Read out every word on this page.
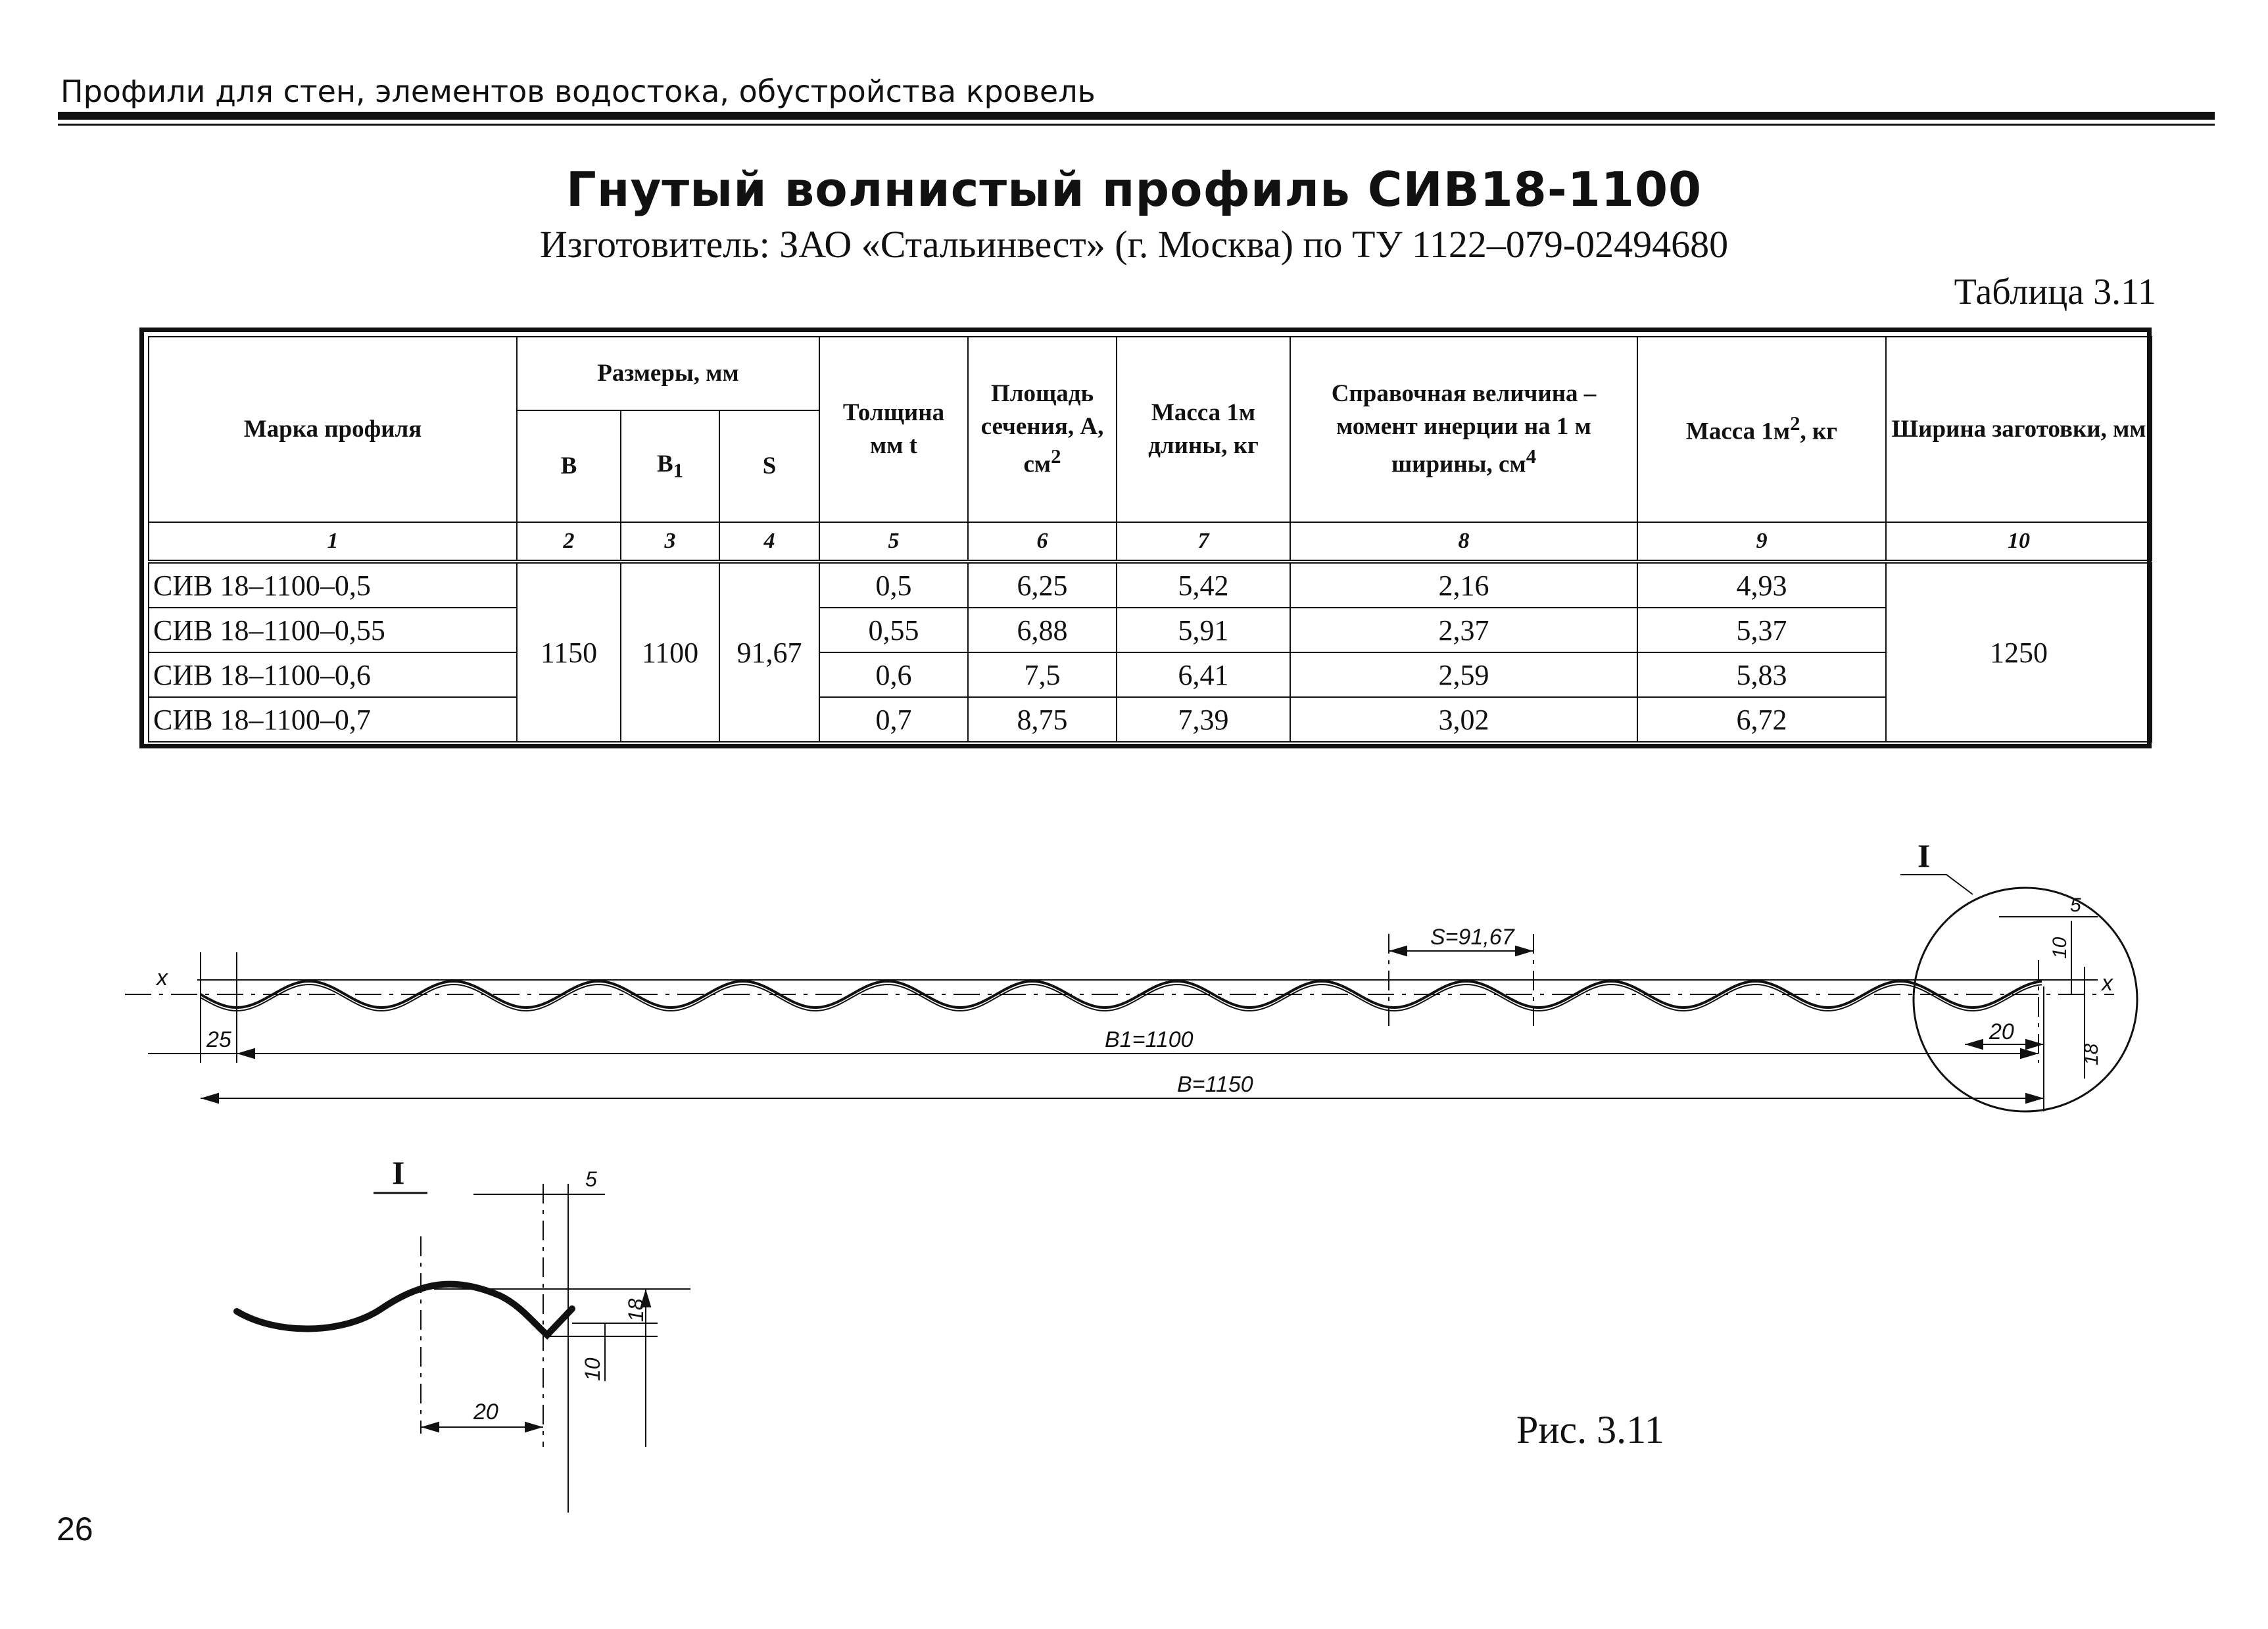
Профили для стен, элементов водостока, обустройства кровель
Гнутый волнистый профиль СИВ18-1100
Изготовитель: ЗАО «Стальинвест» (г. Москва) по ТУ 1122–079-02494680
Таблица 3.11
Марка профиля	Размеры, мм			Толщина мм t	Площадь сечения, А, $см^2$	Масса 1м длины, кг	Справочная величина – момент инерции на 1 м ширины, $см^4$	Масса $1м^2$, кг	Ширина заготовки, мм
	B	$B_1$	S						
1	2	3	4	5	6	7	8	9	10
СИВ 18–1100–0,5	1150	1100	91,67	0,5	6,25	5,42	2,16	4,93	1250
СИВ 18–1100–0,55				0,55	6,88	5,91	2,37	5,37	
СИВ 18–1100–0,6				0,6	7,5	6,41	2,59	5,83	
СИВ 18–1100–0,7				0,7	8,75	7,39	3,02	6,72	
x	x
S=91,67
B1=1100
B=1150
25
5
20
10
18
5
20
18
10
I
I
Рис. 3.11
26
